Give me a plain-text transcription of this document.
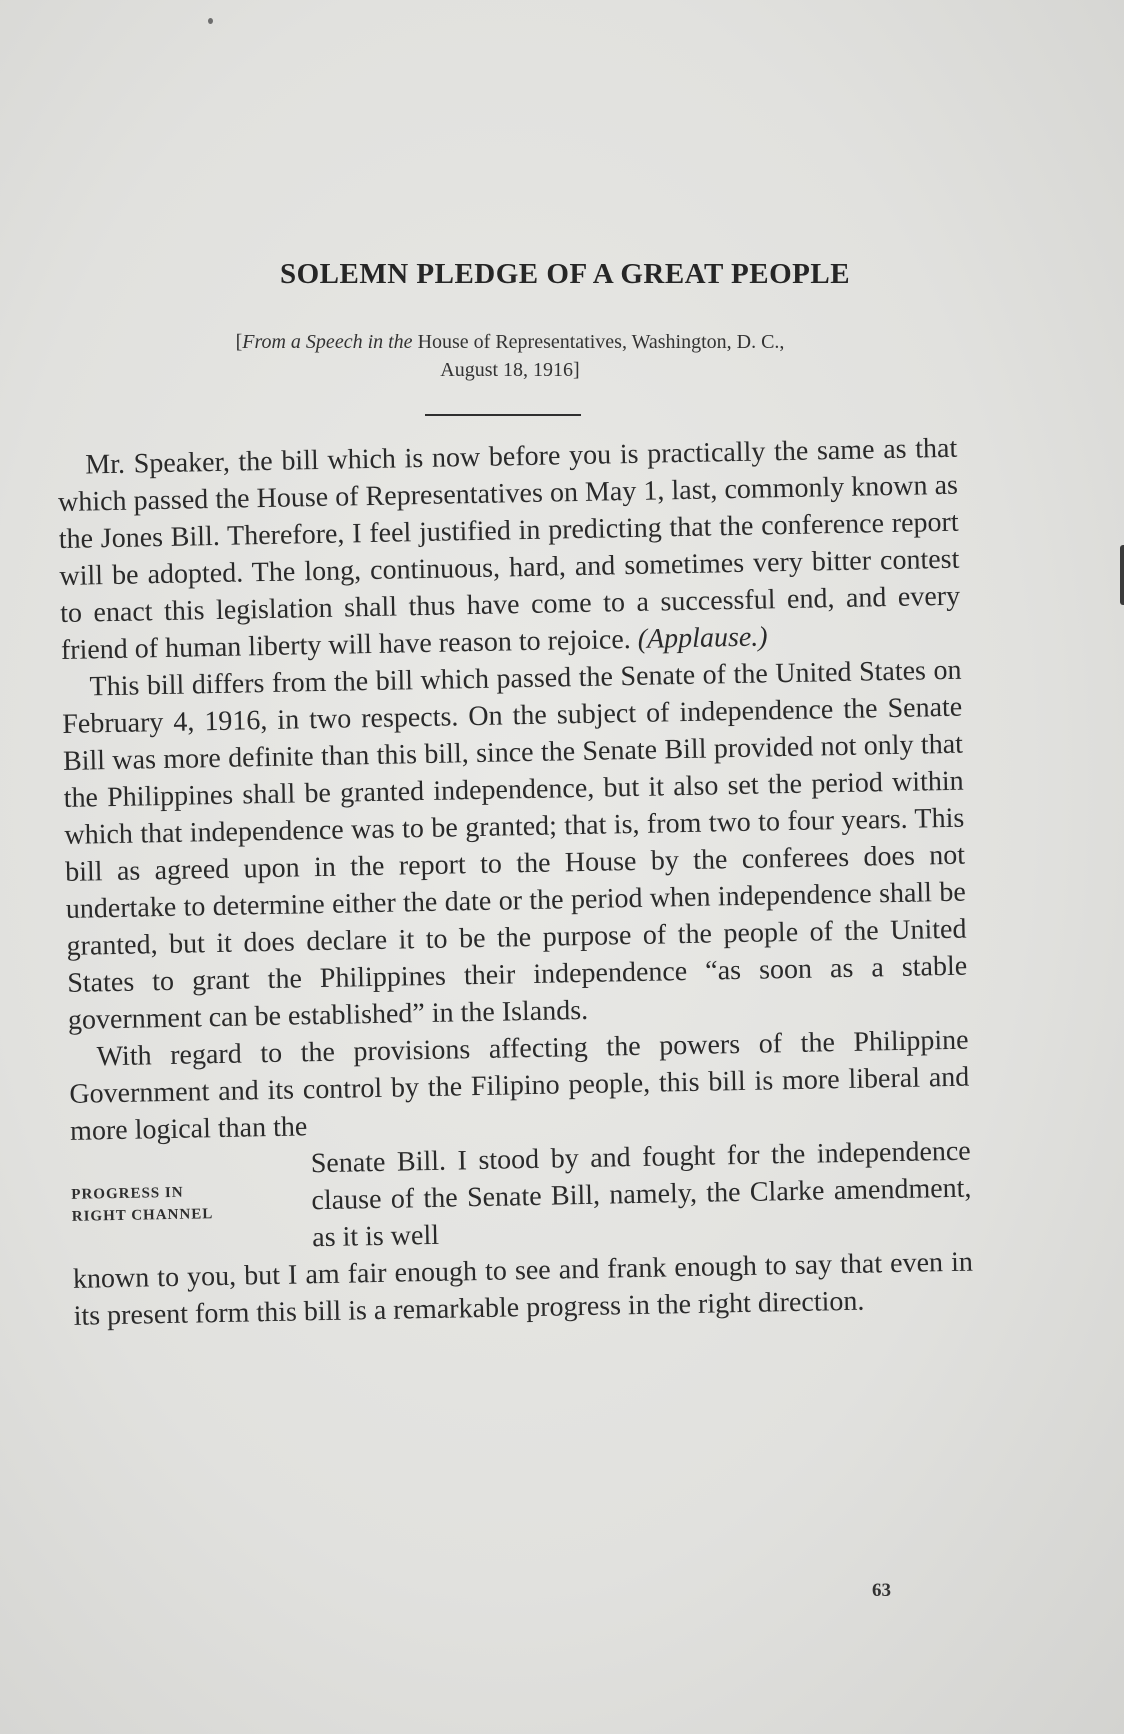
SOLEMN PLEDGE OF A GREAT PEOPLE
[From a Speech in the House of Representatives, Washington, D. C.,
August 18, 1916]

Mr. Speaker, the bill which is now before you is practically the same as that which passed the House of Representatives on May 1, last, commonly known as the Jones Bill. Therefore, I feel justified in predicting that the conference report will be adopted. The long, continuous, hard, and sometimes very bitter contest to enact this legislation shall thus have come to a successful end, and every friend of human liberty will have reason to rejoice. (Applause.)

This bill differs from the bill which passed the Senate of the United States on February 4, 1916, in two respects. On the subject of independence the Senate Bill was more definite than this bill, since the Senate Bill provided not only that the Philippines shall be granted independence, but it also set the period within which that independence was to be granted; that is, from two to four years. This bill as agreed upon in the report to the House by the conferees does not undertake to determine either the date or the period when independence shall be granted, but it does declare it to be the purpose of the people of the United States to grant the Philippines their independence “as soon as a stable government can be established” in the Islands.

With regard to the provisions affecting the powers of the Philippine Government and its control by the Filipino people, this bill is more liberal and more logical than the

PROGRESS IN
RIGHT CHANNEL

Senate Bill. I stood by and fought for the independence clause of the Senate Bill, namely, the Clarke amendment, as it is well

known to you, but I am fair enough to see and frank enough to say that even in its present form this bill is a remarkable progress in the right direction.

63
